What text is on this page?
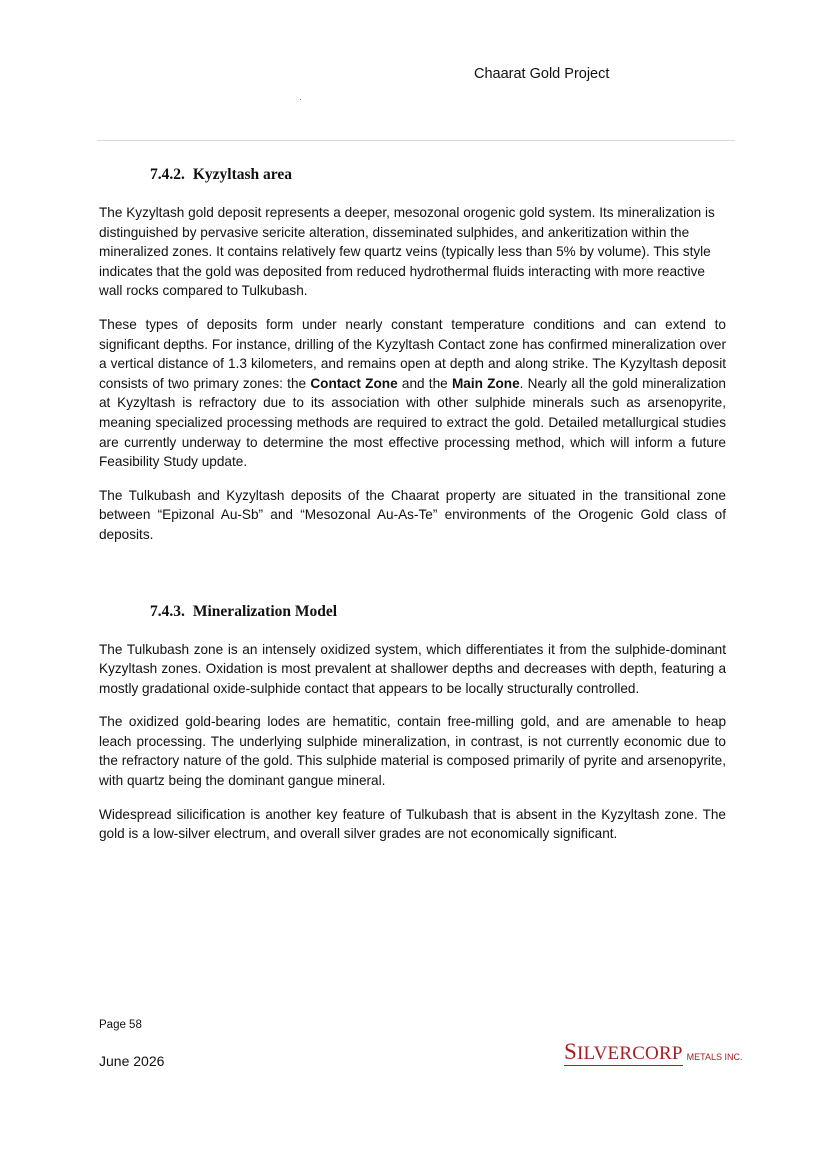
Chaarat Gold Project
7.4.2. Kyzyltash area

The Kyzyltash gold deposit represents a deeper, mesozonal orogenic gold system. Its mineralization is distinguished by pervasive sericite alteration, disseminated sulphides, and ankeritization within the mineralized zones. It contains relatively few quartz veins (typically less than 5% by volume). This style indicates that the gold was deposited from reduced hydrothermal fluids interacting with more reactive wall rocks compared to Tulkubash.

These types of deposits form under nearly constant temperature conditions and can extend to significant depths. For instance, drilling of the Kyzyltash Contact zone has confirmed mineralization over a vertical distance of 1.3 kilometers, and remains open at depth and along strike. The Kyzyltash deposit consists of two primary zones: the Contact Zone and the Main Zone. Nearly all the gold mineralization at Kyzyltash is refractory due to its association with other sulphide minerals such as arsenopyrite, meaning specialized processing methods are required to extract the gold. Detailed metallurgical studies are currently underway to determine the most effective processing method, which will inform a future Feasibility Study update.

The Tulkubash and Kyzyltash deposits of the Chaarat property are situated in the transitional zone between “Epizonal Au-Sb” and “Mesozonal Au-As-Te” environments of the Orogenic Gold class of deposits.

7.4.3. Mineralization Model

The Tulkubash zone is an intensely oxidized system, which differentiates it from the sulphide-dominant Kyzyltash zones. Oxidation is most prevalent at shallower depths and decreases with depth, featuring a mostly gradational oxide-sulphide contact that appears to be locally structurally controlled.

The oxidized gold-bearing lodes are hematitic, contain free-milling gold, and are amenable to heap leach processing. The underlying sulphide mineralization, in contrast, is not currently economic due to the refractory nature of the gold. This sulphide material is composed primarily of pyrite and arsenopyrite, with quartz being the dominant gangue mineral.

Widespread silicification is another key feature of Tulkubash that is absent in the Kyzyltash zone. The gold is a low-silver electrum, and overall silver grades are not economically significant.

Page 58
June 2026	SILVERCORP METALS INC.
